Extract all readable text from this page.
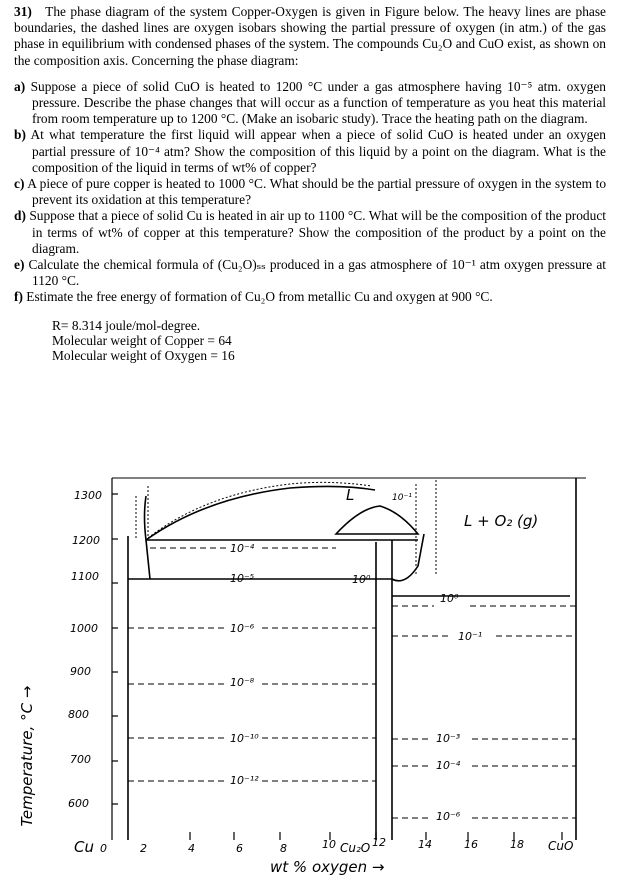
31) The phase diagram of the system Copper-Oxygen is given in Figure below. The heavy lines are phase boundaries, the dashed lines are oxygen isobars showing the partial pressure of oxygen (in atm.) of the gas phase in equilibrium with condensed phases of the system. The compounds Cu₂O and CuO exist, as shown on the composition axis. Concerning the phase diagram:

a) Suppose a piece of solid CuO is heated to 1200 °C under a gas atmosphere having 10⁻⁵ atm. oxygen pressure. Describe the phase changes that will occur as a function of temperature as you heat this material from room temperature up to 1200 °C. (Make an isobaric study). Trace the heating path on the diagram.

b) At what temperature the first liquid will appear when a piece of solid CuO is heated under an oxygen partial pressure of 10⁻⁴ atm? Show the composition of this liquid by a point on the diagram. What is the composition of the liquid in terms of wt% of copper?

c) A piece of pure copper is heated to 1000 °C. What should be the partial pressure of oxygen in the system to prevent its oxidation at this temperature?

d) Suppose that a piece of solid Cu is heated in air up to 1100 °C. What will be the composition of the product in terms of wt% of copper at this temperature? Show the composition of the product by a point on the diagram.

e) Calculate the chemical formula of (Cu₂O)ₛₛ produced in a gas atmosphere of 10⁻¹ atm oxygen pressure at 1120 °C.

f) Estimate the free energy of formation of Cu₂O from metallic Cu and oxygen at 900 °C.

R= 8.314 joule/mol-degree.
Molecular weight of Copper = 64
Molecular weight of Oxygen = 16
Temperature, °C →
1300
1200
1100
1000
900
800
700
600
10⁻⁴
10⁻⁵
10⁻⁶
10⁻⁸
10⁻¹⁰
10⁻¹²
10⁰
10⁻¹
10⁻³
10⁻⁴
10⁻⁶
10⁻¹
10⁰
L
L + O₂ (g)
Cu 0	2	4	6	8	10	12	14	16	18 CuO
Cu₂O
wt % oxygen →
